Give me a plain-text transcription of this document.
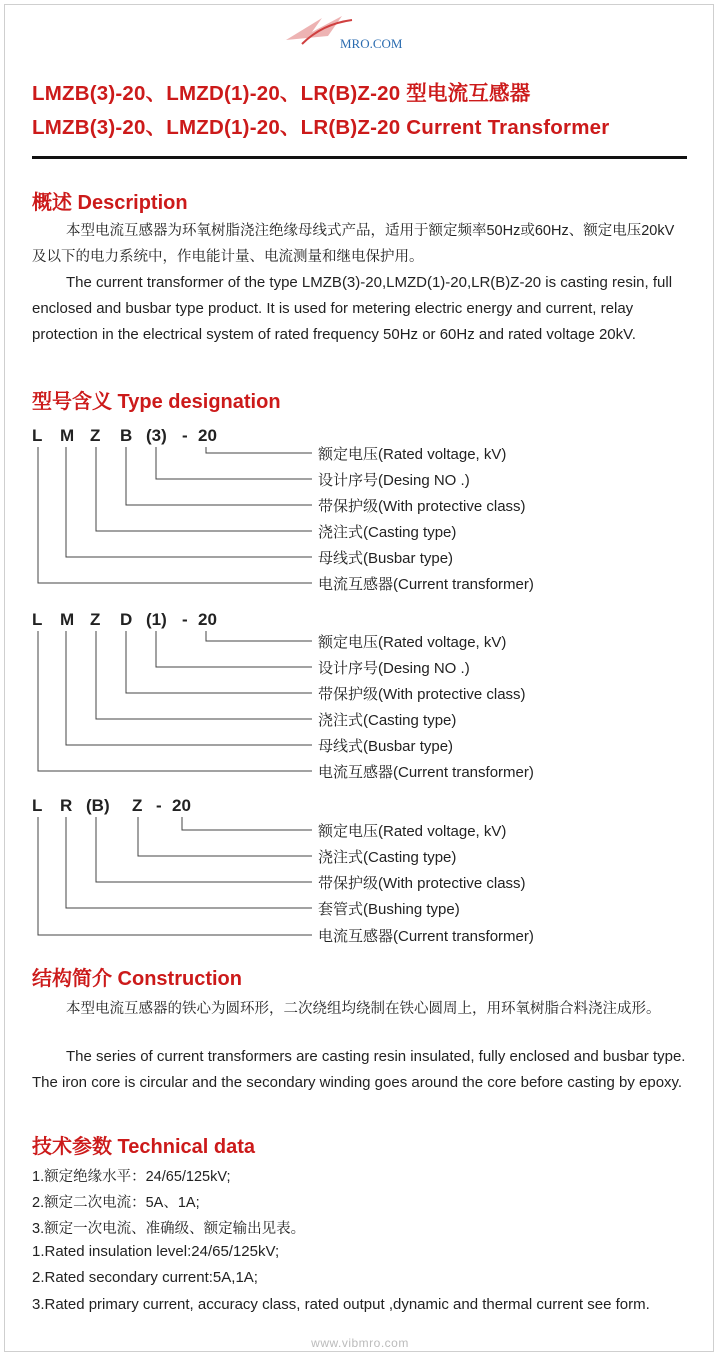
MRO.COM
LMZB(3)-20、LMZD(1)-20、LR(B)Z-20 型电流互感器
LMZB(3)-20、LMZD(1)-20、LR(B)Z-20 Current Transformer
概述 Description
本型电流互感器为环氧树脂浇注绝缘母线式产品，适用于额定频率50Hz或60Hz、额定电压20kV及以下的电力系统中，作电能计量、电流测量和继电保护用。
The current transformer of the type LMZB(3)-20,LMZD(1)-20,LR(B)Z-20 is casting resin, full enclosed and busbar type product. It is used for metering electric energy and current, relay protection in the electrical system of rated frequency 50Hz or 60Hz and rated voltage 20kV.
型号含义 Type designation

L

M

Z

B

(3)

-

20

额定电压(Rated voltage, kV)
设计序号(Desing NO .)
带保护级(With protective class)
浇注式(Casting type)
母线式(Busbar type)
电流互感器(Current transformer)

L

M

Z

D

(1)

-

20

额定电压(Rated voltage, kV)
设计序号(Desing NO .)
带保护级(With protective class)
浇注式(Casting type)
母线式(Busbar type)
电流互感器(Current transformer)

L

R

(B)

Z

-

20

额定电压(Rated voltage, kV)
浇注式(Casting type)
带保护级(With protective class)
套管式(Bushing type)
电流互感器(Current transformer)
结构简介 Construction
本型电流互感器的铁心为圆环形，二次绕组均绕制在铁心圆周上，用环氧树脂合料浇注成形。
The series of current transformers are casting resin insulated, fully enclosed and busbar type. The iron core is circular and the secondary winding goes around the core before casting by epoxy.
技术参数 Technical data
1.额定绝缘水平：24/65/125kV;
2.额定二次电流：5A、1A;
3.额定一次电流、准确级、额定输出见表。
1.Rated insulation level:24/65/125kV;
2.Rated secondary current:5A,1A;
3.Rated primary current, accuracy class, rated output ,dynamic and thermal current see form.
www.vibmro.com
